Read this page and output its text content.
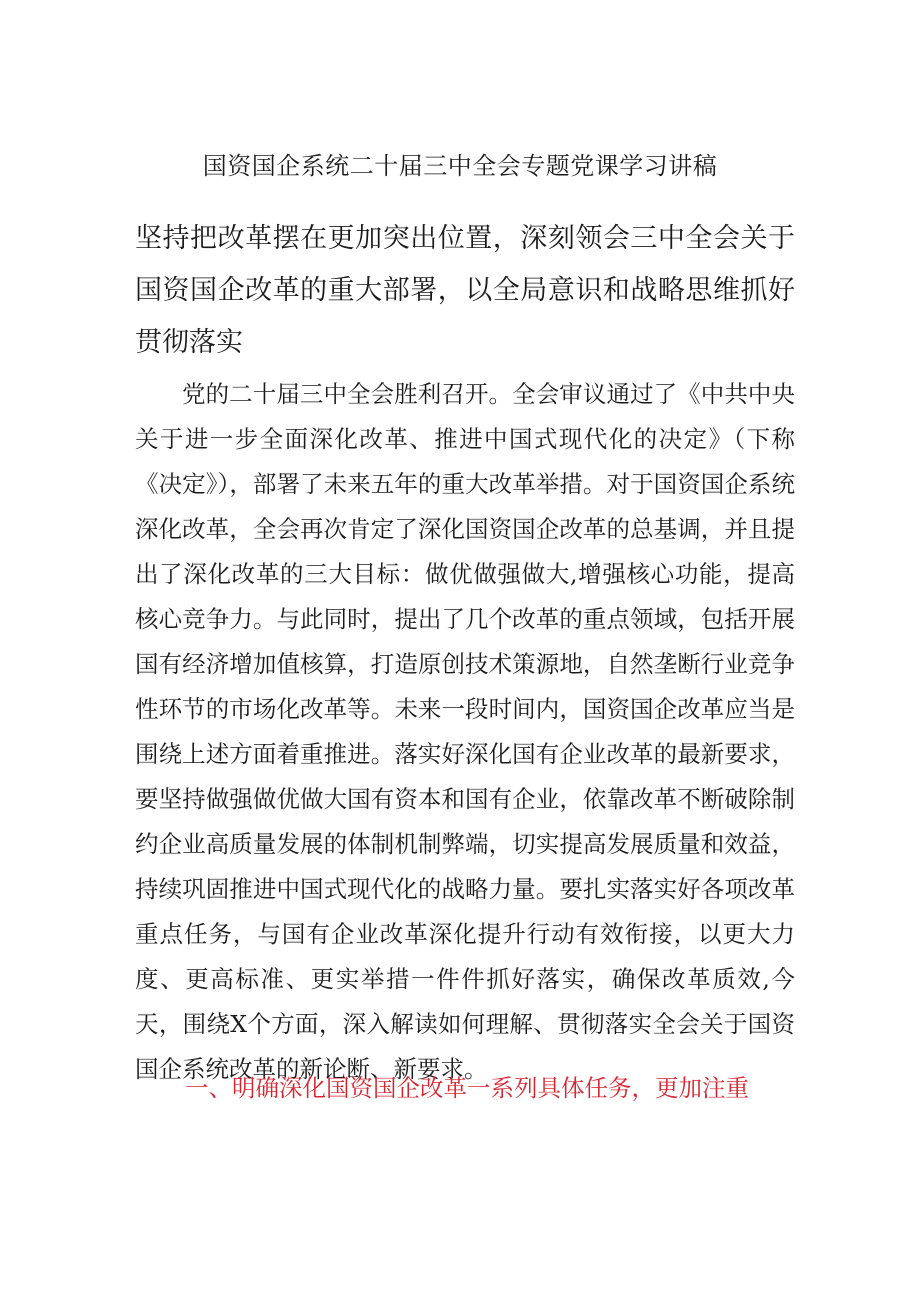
国资国企系统二十届三中全会专题党课学习讲稿
坚持把改革摆在更加突出位置，深刻领会三中全会关于国资国企改革的重大部署，以全局意识和战略思维抓好贯彻落实

党的二十届三中全会胜利召开。全会审议通过了《中共中央关于进一步全面深化改革、推进中国式现代化的决定》（下称《决定》），部署了未来五年的重大改革举措。对于国资国企系统深化改革，全会再次肯定了深化国资国企改革的总基调，并且提出了深化改革的三大目标：做优做强做大,增强核心功能，提高核心竞争力。与此同时，提出了几个改革的重点领域，包括开展国有经济增加值核算，打造原创技术策源地，自然垄断行业竞争性环节的市场化改革等。未来一段时间内，国资国企改革应当是围绕上述方面着重推进。落实好深化国有企业改革的最新要求，要坚持做强做优做大国有资本和国有企业，依靠改革不断破除制约企业高质量发展的体制机制弊端，切实提高发展质量和效益，持续巩固推进中国式现代化的战略力量。要扎实落实好各项改革重点任务，与国有企业改革深化提升行动有效衔接，以更大力度、更高标准、更实举措一件件抓好落实，确保改革质效,今天，围绕X个方面，深入解读如何理解、贯彻落实全会关于国资国企系统改革的新论断、新要求。

一、明确深化国资国企改革一系列具体任务，更加注重
